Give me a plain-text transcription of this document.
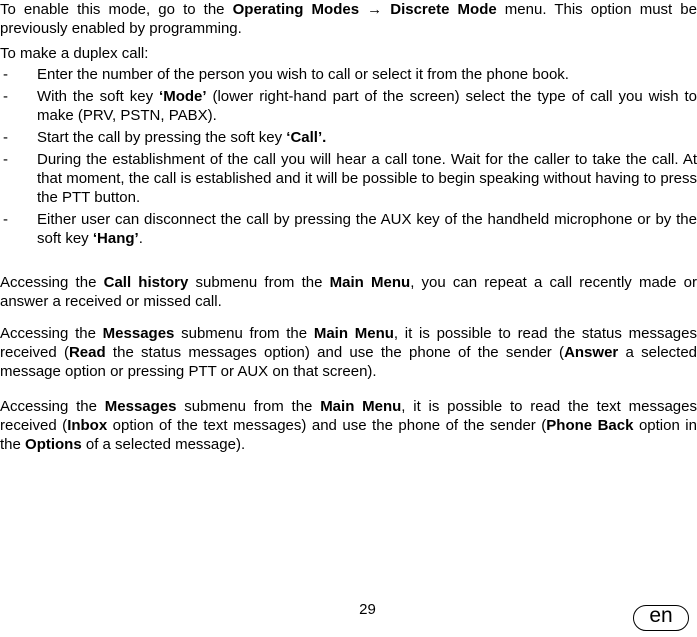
To enable this mode, go to the Operating Modes → Discrete Mode menu. This option must be previously enabled by programming.

To make a duplex call:

- Enter the number of the person you wish to call or select it from the phone book.

- With the soft key ‘Mode’ (lower right-hand part of the screen) select the type of call you wish to make (PRV, PSTN, PABX).

- Start the call by pressing the soft key ‘Call’.

- During the establishment of the call you will hear a call tone. Wait for the caller to take the call. At that moment, the call is established and it will be possible to begin speaking without having to press the PTT button.

- Either user can disconnect the call by pressing the AUX key of the handheld microphone or by the soft key ‘Hang’.

Accessing the Call history submenu from the Main Menu, you can repeat a call recently made or answer a received or missed call.

Accessing the Messages submenu from the Main Menu, it is possible to read the status messages received (Read the status messages option) and use the phone of the sender (Answer a selected message option or pressing PTT or AUX on that screen).

Accessing the Messages submenu from the Main Menu, it is possible to read the text messages received (Inbox option of the text messages) and use the phone of the sender (Phone Back option in the Options of a selected message).

29	en
